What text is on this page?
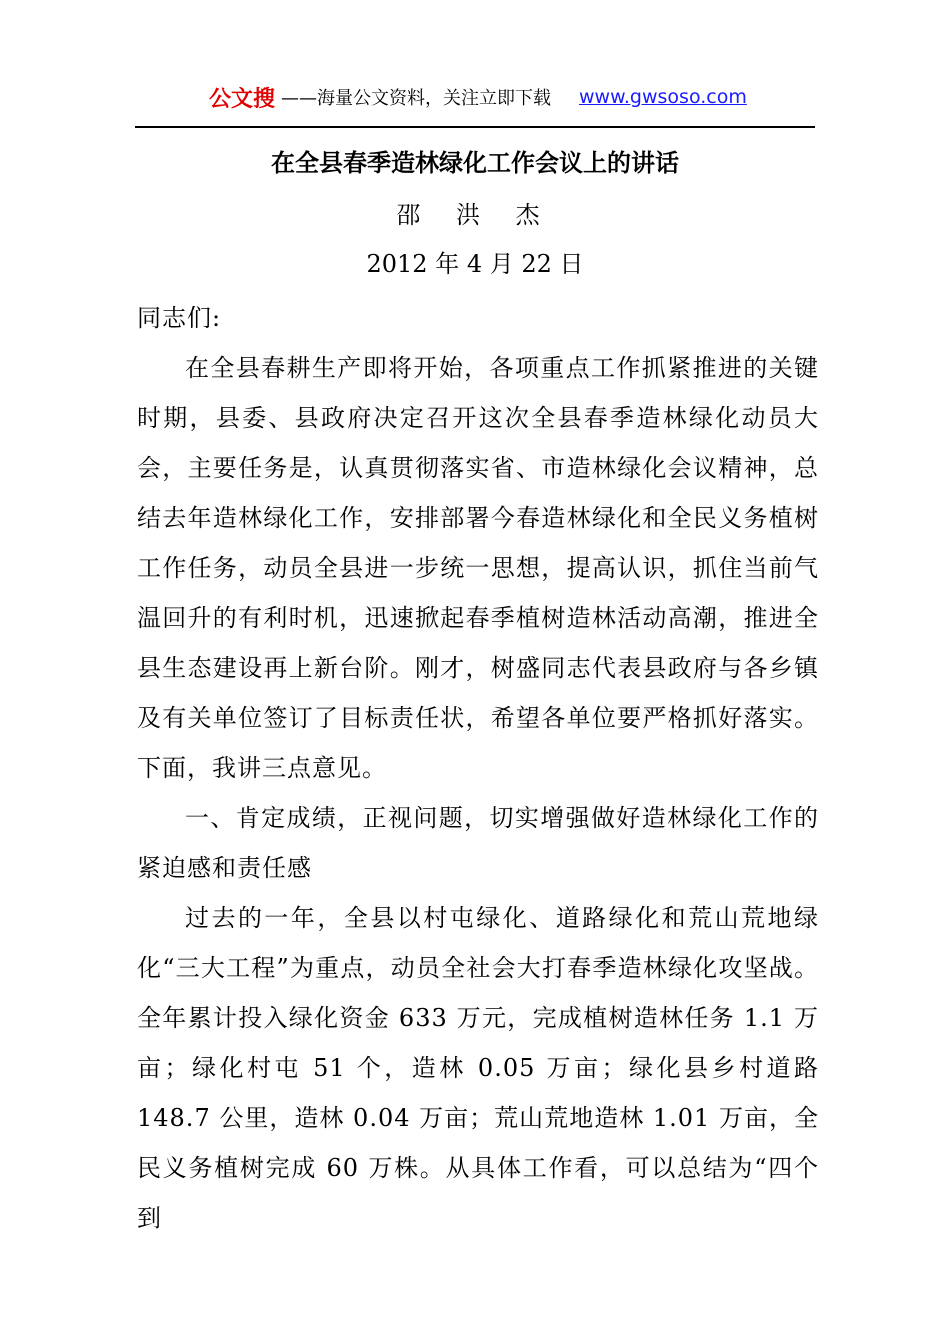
公文搜 ——海量公文资料，关注立即下载 www.gwsoso.com
在全县春季造林绿化工作会议上的讲话
邵 洪 杰
2012 年 4 月 22 日

同志们:

在全县春耕生产即将开始，各项重点工作抓紧推进的关键时期，县委、县政府决定召开这次全县春季造林绿化动员大会，主要任务是，认真贯彻落实省、市造林绿化会议精神，总结去年造林绿化工作，安排部署今春造林绿化和全民义务植树工作任务，动员全县进一步统一思想，提高认识，抓住当前气温回升的有利时机，迅速掀起春季植树造林活动高潮，推进全县生态建设再上新台阶。刚才，树盛同志代表县政府与各乡镇及有关单位签订了目标责任状，希望各单位要严格抓好落实。下面，我讲三点意见。

一、肯定成绩，正视问题，切实增强做好造林绿化工作的紧迫感和责任感

过去的一年，全县以村屯绿化、道路绿化和荒山荒地绿化“三大工程”为重点，动员全社会大打春季造林绿化攻坚战。全年累计投入绿化资金 633 万元，完成植树造林任务 1.1 万亩；绿化村屯 51 个，造林 0.05 万亩；绿化县乡村道路 148.7 公里，造林 0.04 万亩；荒山荒地造林 1.01 万亩，全民义务植树完成 60 万株。从具体工作看，可以总结为“四个到
